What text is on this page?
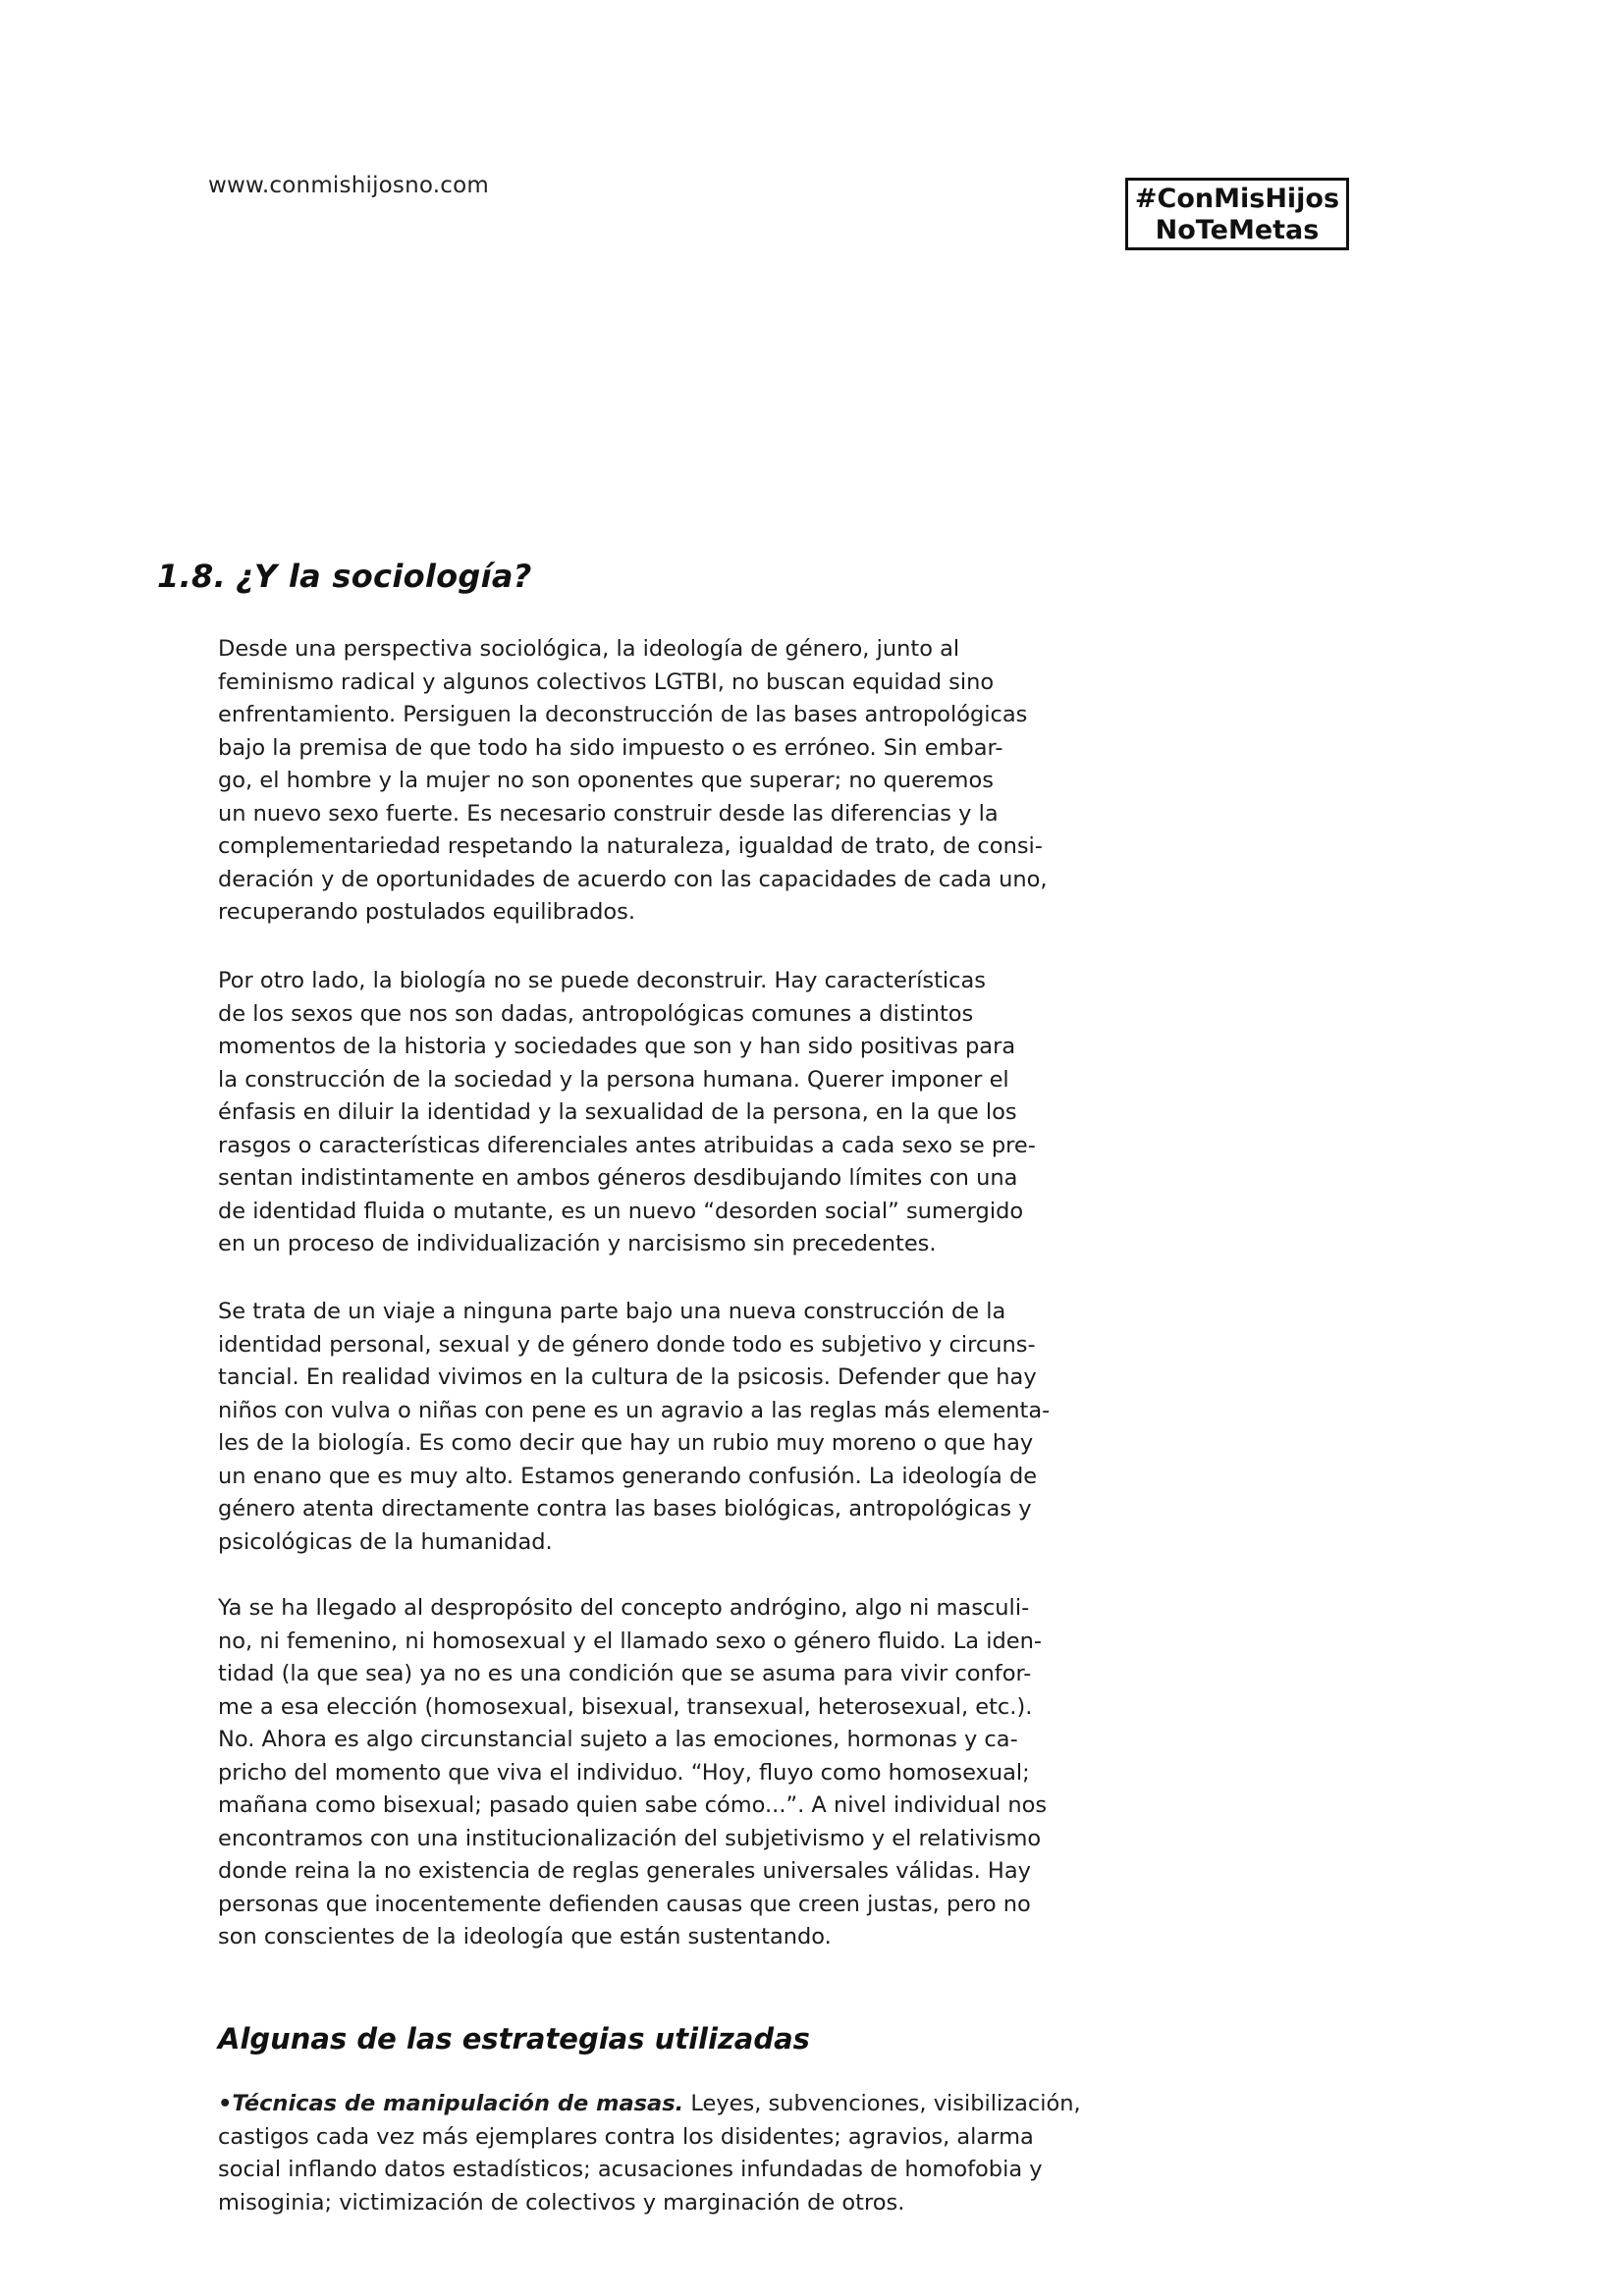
www.conmishijosno.com	#ConMisHijos
NoTeMetas
1.8. ¿Y la sociología?

Desde una perspectiva sociológica, la ideología de género, junto al
feminismo radical y algunos colectivos LGTBI, no buscan equidad sino
enfrentamiento. Persiguen la deconstrucción de las bases antropológicas
bajo la premisa de que todo ha sido impuesto o es erróneo. Sin embar-
go, el hombre y la mujer no son oponentes que superar; no queremos
un nuevo sexo fuerte. Es necesario construir desde las diferencias y la
complementariedad respetando la naturaleza, igualdad de trato, de consi-
deración y de oportunidades de acuerdo con las capacidades de cada uno,
recuperando postulados equilibrados.

Por otro lado, la biología no se puede deconstruir. Hay características
de los sexos que nos son dadas, antropológicas comunes a distintos
momentos de la historia y sociedades que son y han sido positivas para
la construcción de la sociedad y la persona humana. Querer imponer el
énfasis en diluir la identidad y la sexualidad de la persona, en la que los
rasgos o características diferenciales antes atribuidas a cada sexo se pre-
sentan indistintamente en ambos géneros desdibujando límites con una
de identidad fluida o mutante, es un nuevo “desorden social” sumergido
en un proceso de individualización y narcisismo sin precedentes.

Se trata de un viaje a ninguna parte bajo una nueva construcción de la
identidad personal, sexual y de género donde todo es subjetivo y circuns-
tancial. En realidad vivimos en la cultura de la psicosis. Defender que hay
niños con vulva o niñas con pene es un agravio a las reglas más elementa-
les de la biología. Es como decir que hay un rubio muy moreno o que hay
un enano que es muy alto. Estamos generando confusión. La ideología de
género atenta directamente contra las bases biológicas, antropológicas y
psicológicas de la humanidad.

Ya se ha llegado al despropósito del concepto andrógino, algo ni masculi-
no, ni femenino, ni homosexual y el llamado sexo o género fluido. La iden-
tidad (la que sea) ya no es una condición que se asuma para vivir confor-
me a esa elección (homosexual, bisexual, transexual, heterosexual, etc.).
No. Ahora es algo circunstancial sujeto a las emociones, hormonas y ca-
pricho del momento que viva el individuo. “Hoy, fluyo como homosexual;
mañana como bisexual; pasado quien sabe cómo...”. A nivel individual nos
encontramos con una institucionalización del subjetivismo y el relativismo
donde reina la no existencia de reglas generales universales válidas. Hay
personas que inocentemente defienden causas que creen justas, pero no
son conscientes de la ideología que están sustentando.

Algunas de las estrategias utilizadas

•Técnicas de manipulación de masas. Leyes, subvenciones, visibilización,
castigos cada vez más ejemplares contra los disidentes; agravios, alarma
social inflando datos estadísticos; acusaciones infundadas de homofobia y
misoginia; victimización de colectivos y marginación de otros.
